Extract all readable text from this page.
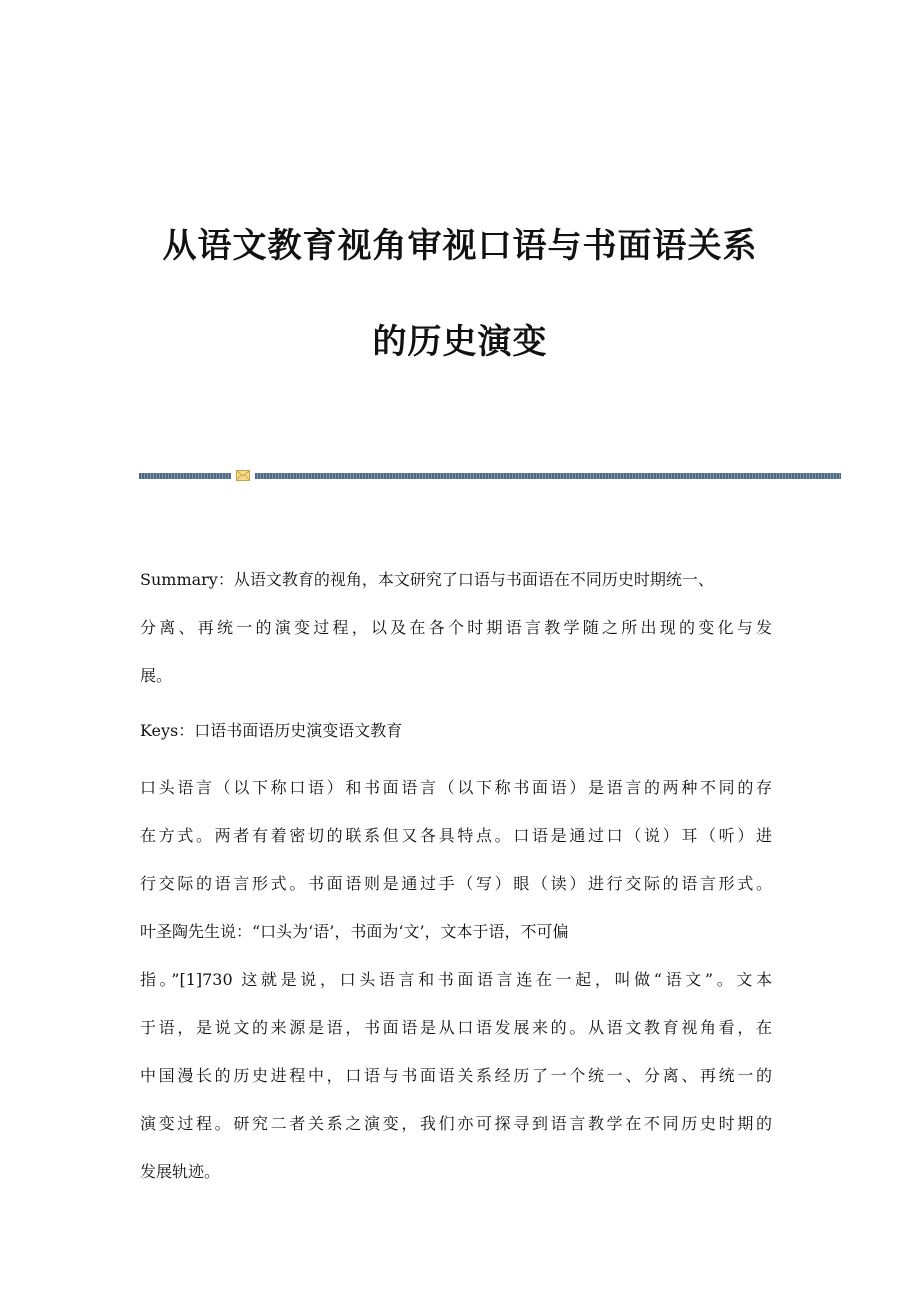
从语文教育视角审视口语与书面语关系
的历史演变
Summary：从语文教育的视角，本文研究了口语与书面语在不同历史时期统一、
分离、再统一的演变过程，以及在各个时期语言教学随之所出现的变化与发
展。
Keys：口语书面语历史演变语文教育
口头语言（以下称口语）和书面语言（以下称书面语）是语言的两种不同的存
在方式。两者有着密切的联系但又各具特点。口语是通过口（说）耳（听）进
行交际的语言形式。书面语则是通过手（写）眼（读）进行交际的语言形式。
叶圣陶先生说：“口头为‘语’，书面为‘文’，文本于语，不可偏
指。”[1]730 这就是说，口头语言和书面语言连在一起，叫做“语文”。文本
于语，是说文的来源是语，书面语是从口语发展来的。从语文教育视角看，在
中国漫长的历史进程中，口语与书面语关系经历了一个统一、分离、再统一的
演变过程。研究二者关系之演变，我们亦可探寻到语言教学在不同历史时期的
发展轨迹。
